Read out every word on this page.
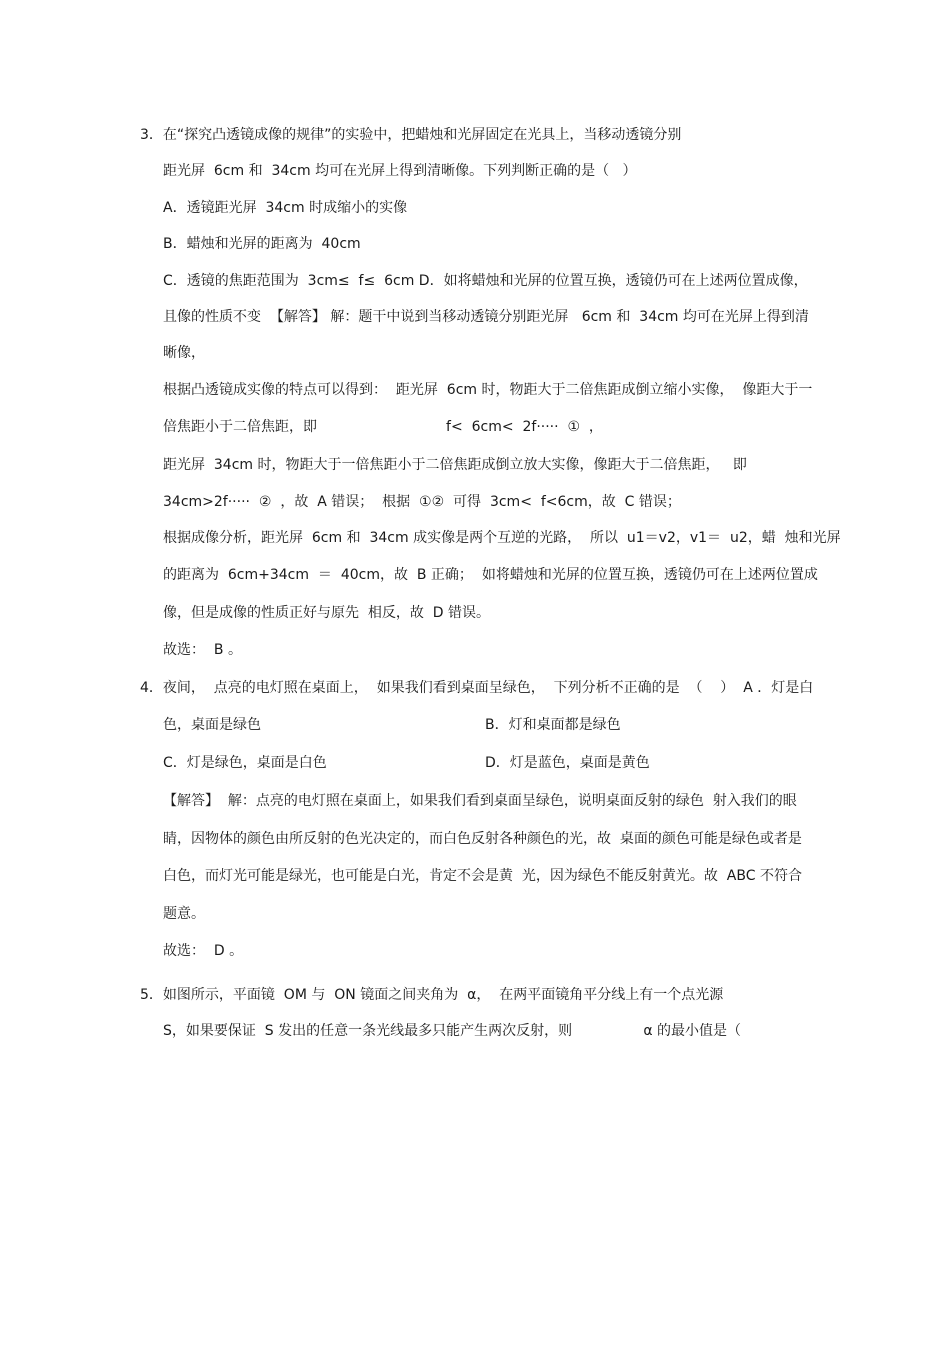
3．在“探究凸透镜成像的规律”的实验中，把蜡烛和光屏固定在光具上，当移动透镜分别
距光屏  6cm 和  34cm 均可在光屏上得到清晰像。下列判断正确的是（   ）
A．透镜距光屏  34cm 时成缩小的实像
B．蜡烛和光屏的距离为  40cm
C．透镜的焦距范围为  3cm≤  f≤  6cm D．如将蜡烛和光屏的位置互换，透镜仍可在上述两位置成像，
且像的性质不变  【解答】 解：题干中说到当移动透镜分别距光屏   6cm 和  34cm 均可在光屏上得到清
晰像，
根据凸透镜成实像的特点可以得到：  距光屏  6cm 时，物距大于二倍焦距成倒立缩小实像，  像距大于一
倍焦距小于二倍焦距，即                             f<  6cm<  2f·····  ①  ，
距光屏  34cm 时，物距大于一倍焦距小于二倍焦距成倒立放大实像，像距大于二倍焦距，   即
34cm>2f·····  ②  ，故  A 错误；  根据  ①②  可得  3cm<  f<6cm，故  C 错误；
根据成像分析，距光屏  6cm 和  34cm 成实像是两个互逆的光路，  所以  u1＝v2，v1＝  u2，蜡  烛和光屏
的距离为  6cm+34cm  ＝  40cm，故  B 正确；  如将蜡烛和光屏的位置互换，透镜仍可在上述两位置成
像，但是成像的性质正好与原先  相反，故  D 错误。
故选：  B 。
4．夜间，  点亮的电灯照在桌面上，  如果我们看到桌面呈绿色，  下列分析不正确的是  （    ）  A ．灯是白
色，桌面是绿色	B．灯和桌面都是绿色
C．灯是绿色，桌面是白色	D．灯是蓝色，桌面是黄色
【解答】  解：点亮的电灯照在桌面上，如果我们看到桌面呈绿色，说明桌面反射的绿色  射入我们的眼
睛，因物体的颜色由所反射的色光决定的，而白色反射各种颜色的光，故  桌面的颜色可能是绿色或者是
白色，而灯光可能是绿光，也可能是白光，肯定不会是黄  光，因为绿色不能反射黄光。故  ABC 不符合
题意。
故选：  D 。
5．如图所示，平面镜  OM 与  ON 镜面之间夹角为  α，  在两平面镜角平分线上有一个点光源
S，如果要保证  S 发出的任意一条光线最多只能产生两次反射，则                α 的最小值是（
